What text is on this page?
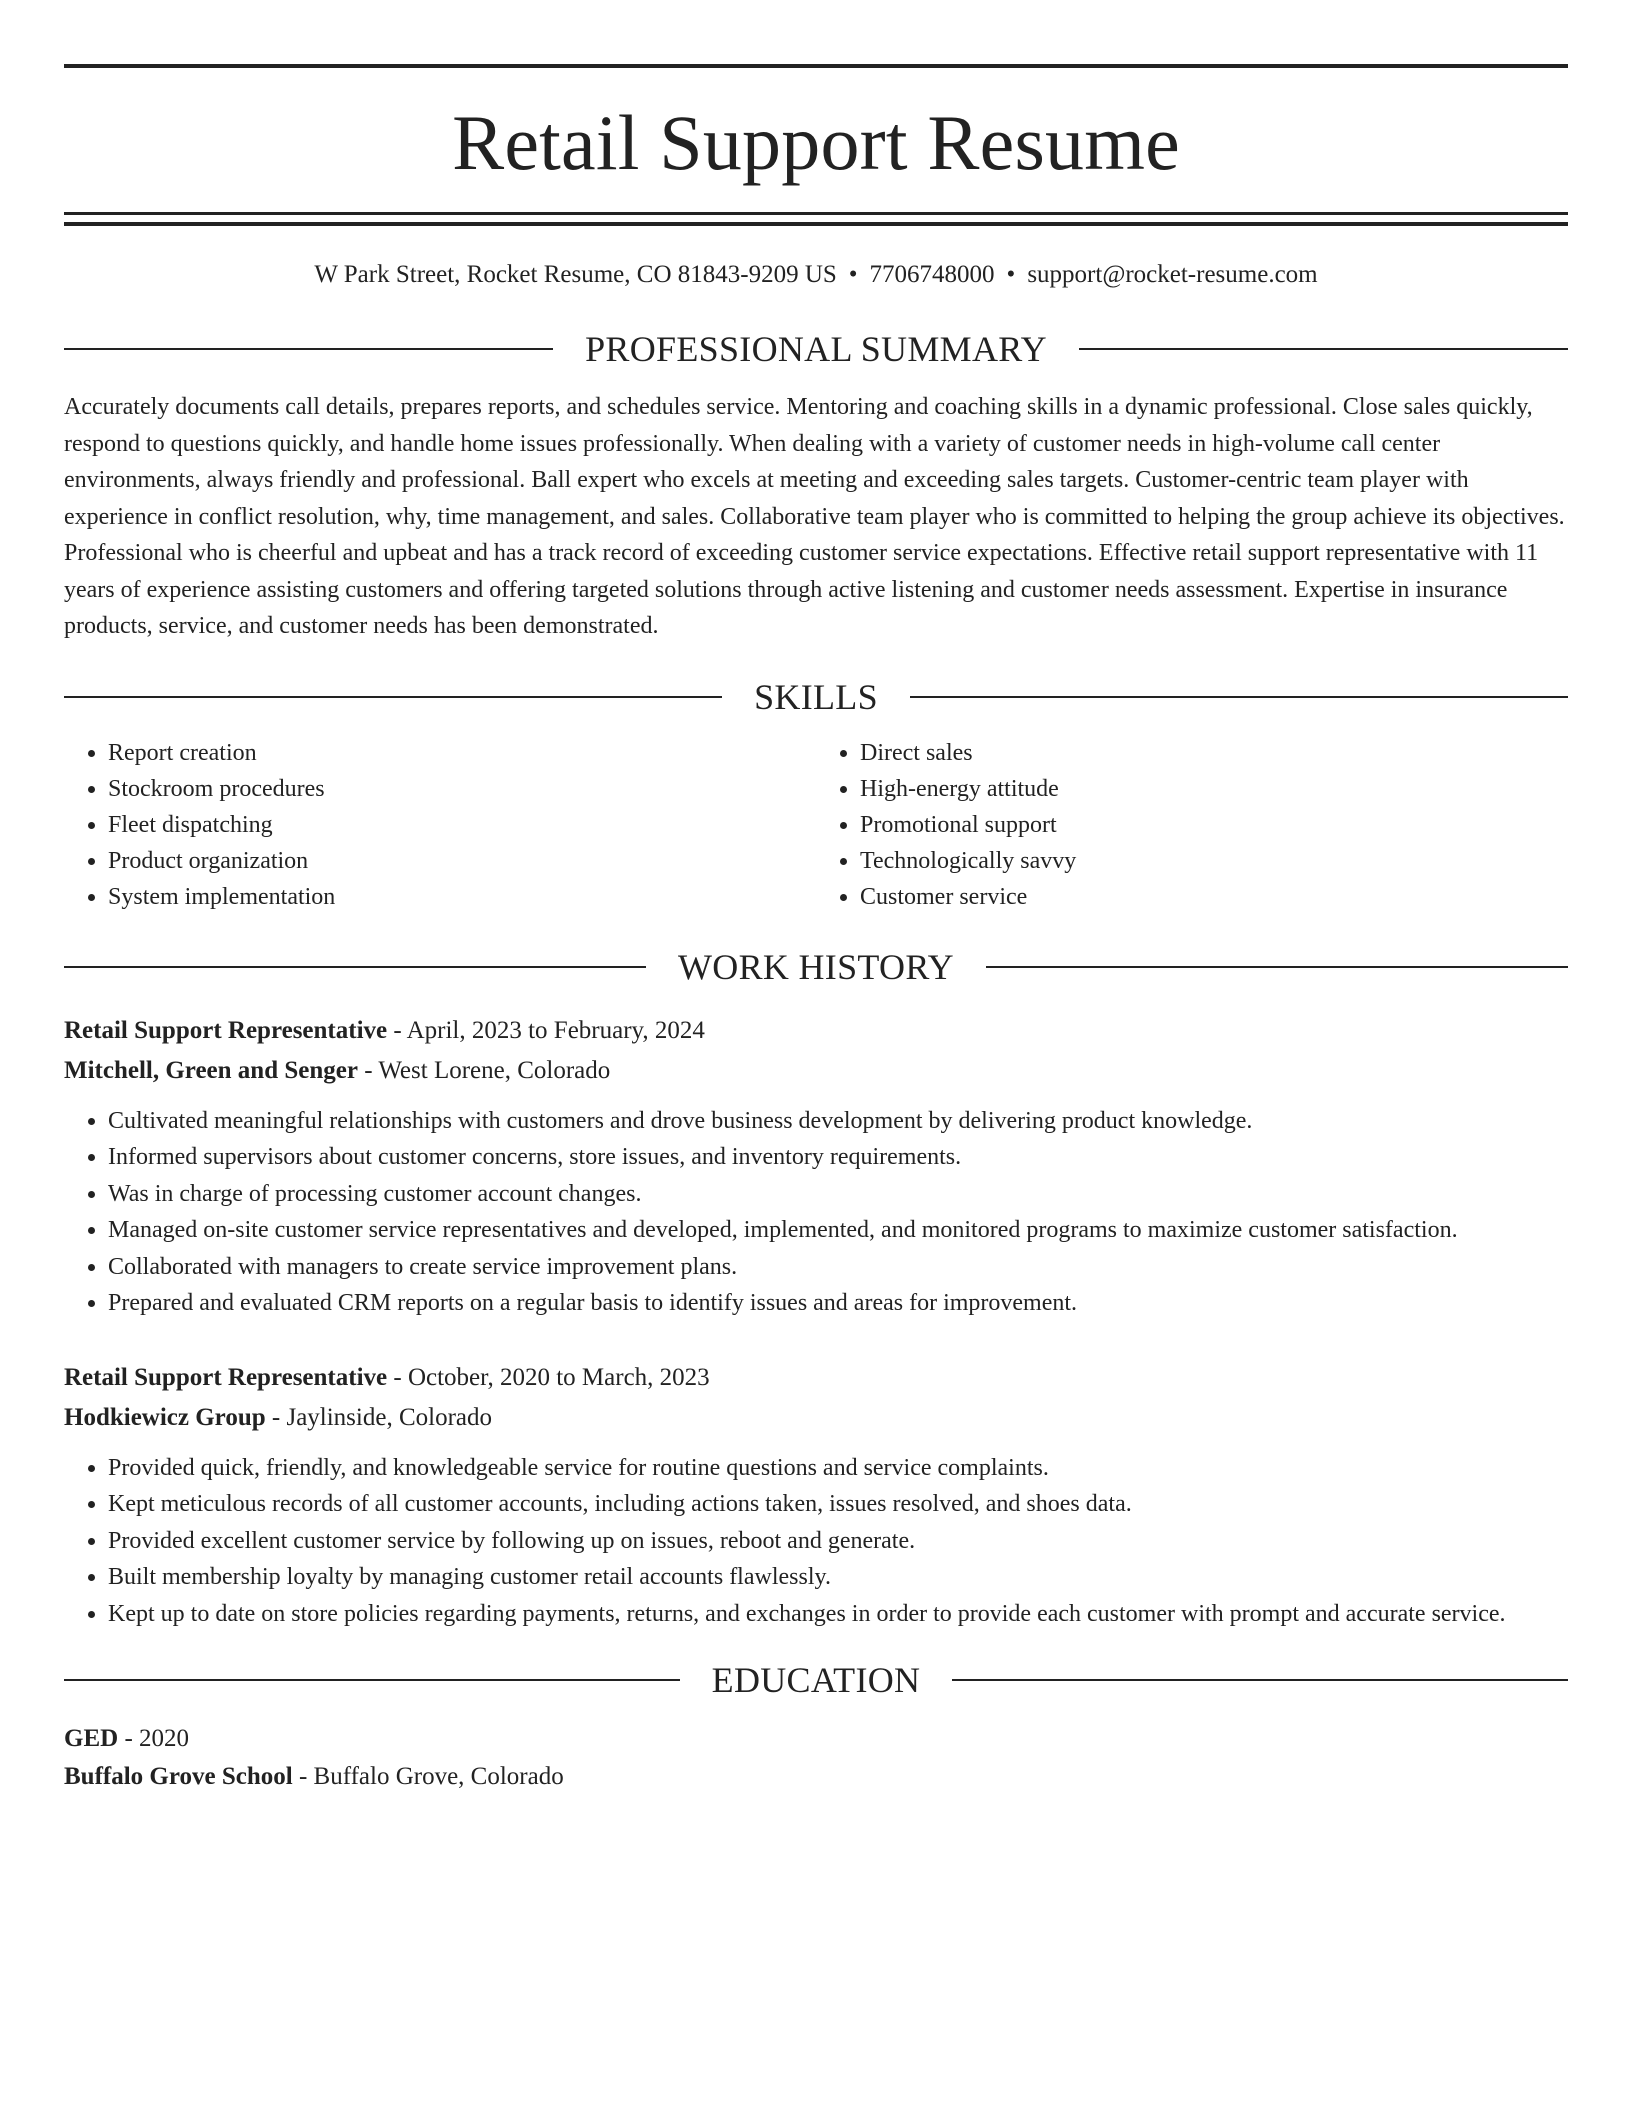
Retail Support Resume
W Park Street, Rocket Resume, CO 81843-9209 US • 7706748000 • support@rocket-resume.com
PROFESSIONAL SUMMARY
Accurately documents call details, prepares reports, and schedules service. Mentoring and coaching skills in a dynamic professional. Close sales quickly, respond to questions quickly, and handle home issues professionally. When dealing with a variety of customer needs in high-volume call center environments, always friendly and professional. Ball expert who excels at meeting and exceeding sales targets. Customer-centric team player with experience in conflict resolution, why, time management, and sales. Collaborative team player who is committed to helping the group achieve its objectives. Professional who is cheerful and upbeat and has a track record of exceeding customer service expectations. Effective retail support representative with 11 years of experience assisting customers and offering targeted solutions through active listening and customer needs assessment. Expertise in insurance products, service, and customer needs has been demonstrated.
SKILLS
• Report creation
• Stockroom procedures
• Fleet dispatching
• Product organization
• System implementation
• Direct sales
• High-energy attitude
• Promotional support
• Technologically savvy
• Customer service
WORK HISTORY
Retail Support Representative - April, 2023 to February, 2024
Mitchell, Green and Senger - West Lorene, Colorado
• Cultivated meaningful relationships with customers and drove business development by delivering product knowledge.
• Informed supervisors about customer concerns, store issues, and inventory requirements.
• Was in charge of processing customer account changes.
• Managed on-site customer service representatives and developed, implemented, and monitored programs to maximize customer satisfaction.
• Collaborated with managers to create service improvement plans.
• Prepared and evaluated CRM reports on a regular basis to identify issues and areas for improvement.
Retail Support Representative - October, 2020 to March, 2023
Hodkiewicz Group - Jaylinside, Colorado
• Provided quick, friendly, and knowledgeable service for routine questions and service complaints.
• Kept meticulous records of all customer accounts, including actions taken, issues resolved, and shoes data.
• Provided excellent customer service by following up on issues, reboot and generate.
• Built membership loyalty by managing customer retail accounts flawlessly.
• Kept up to date on store policies regarding payments, returns, and exchanges in order to provide each customer with prompt and accurate service.
EDUCATION
GED - 2020
Buffalo Grove School - Buffalo Grove, Colorado
